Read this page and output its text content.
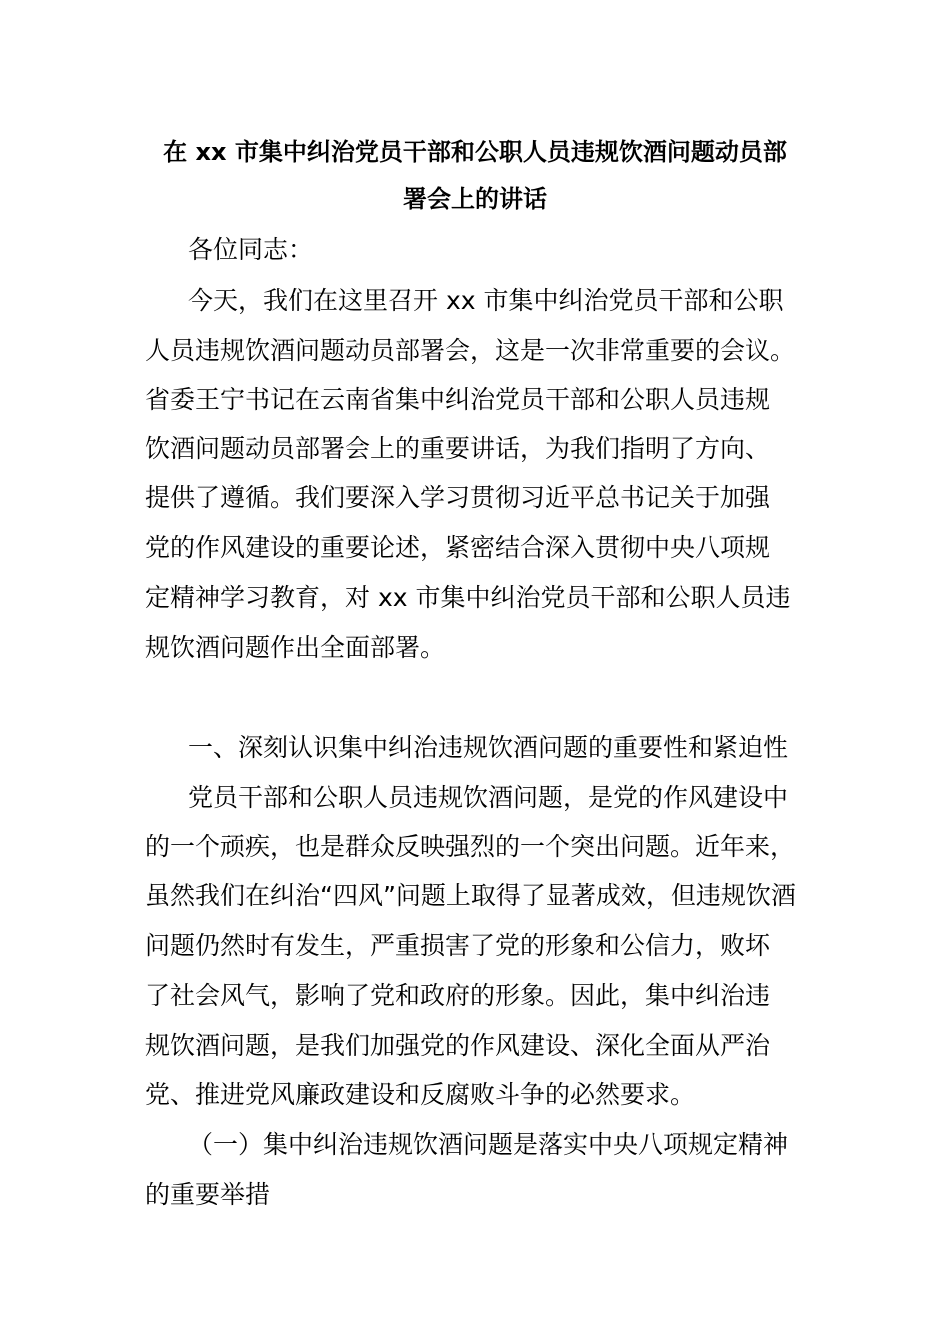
在 xx 市集中纠治党员干部和公职人员违规饮酒问题动员部
署会上的讲话
各位同志：
今天，我们在这里召开 xx 市集中纠治党员干部和公职
人员违规饮酒问题动员部署会，这是一次非常重要的会议。
省委王宁书记在云南省集中纠治党员干部和公职人员违规
饮酒问题动员部署会上的重要讲话，为我们指明了方向、
提供了遵循。我们要深入学习贯彻习近平总书记关于加强
党的作风建设的重要论述，紧密结合深入贯彻中央八项规
定精神学习教育，对 xx 市集中纠治党员干部和公职人员违
规饮酒问题作出全面部署。
一、深刻认识集中纠治违规饮酒问题的重要性和紧迫性
党员干部和公职人员违规饮酒问题，是党的作风建设中
的一个顽疾，也是群众反映强烈的一个突出问题。近年来，
虽然我们在纠治“四风”问题上取得了显著成效，但违规饮酒
问题仍然时有发生，严重损害了党的形象和公信力，败坏
了社会风气，影响了党和政府的形象。因此，集中纠治违
规饮酒问题，是我们加强党的作风建设、深化全面从严治
党、推进党风廉政建设和反腐败斗争的必然要求。
（一）集中纠治违规饮酒问题是落实中央八项规定精神
的重要举措
